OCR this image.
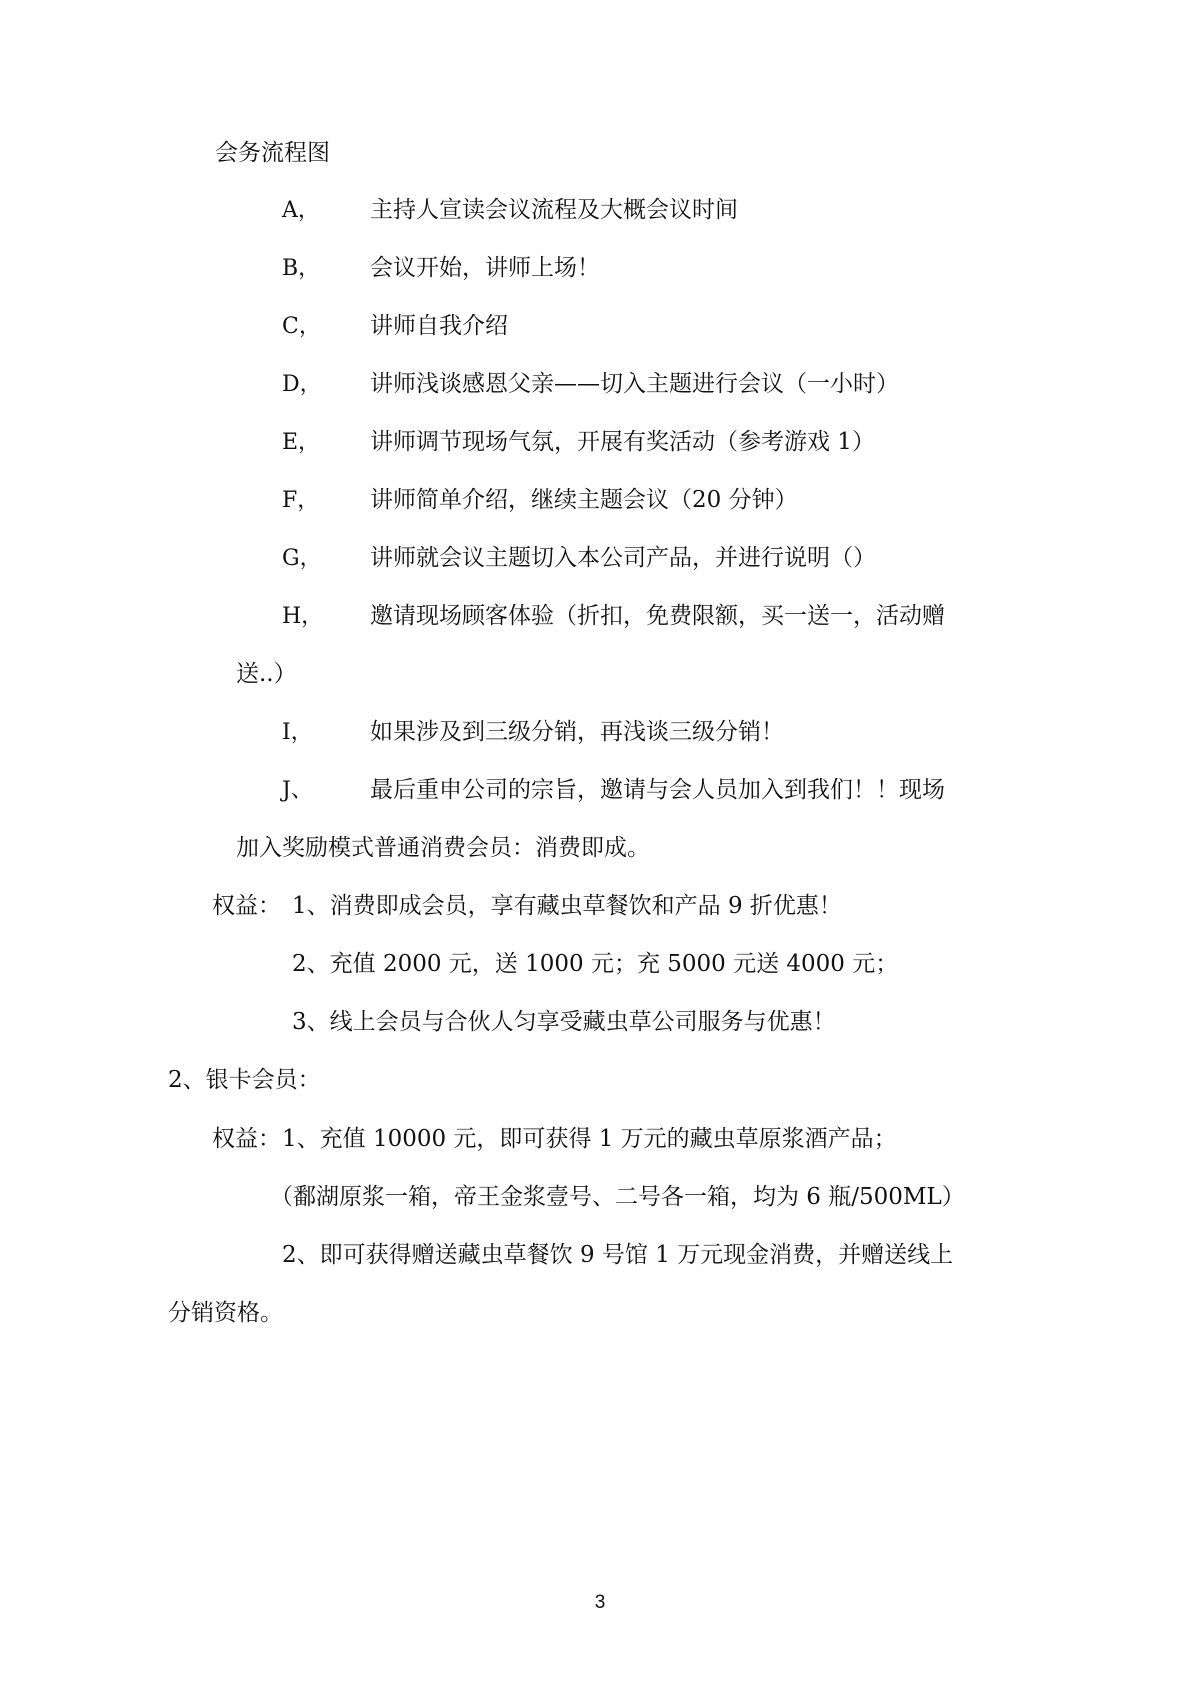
会务流程图
A， 主持人宣读会议流程及大概会议时间
B， 会议开始，讲师上场！
C， 讲师自我介绍
D， 讲师浅谈感恩父亲——切入主题进行会议（一小时）
E， 讲师调节现场气氛，开展有奖活动（参考游戏 1）
F， 讲师简单介绍，继续主题会议（20 分钟）
G， 讲师就会议主题切入本公司产品，并进行说明（）
H， 邀请现场顾客体验（折扣，免费限额，买一送一，活动赠
送..）
I， 如果涉及到三级分销，再浅谈三级分销！
J、 最后重申公司的宗旨，邀请与会人员加入到我们！！现场
加入奖励模式普通消费会员：消费即成。
权益： 1、消费即成会员，享有藏虫草餐饮和产品 9 折优惠！
2、充值 2000 元，送 1000 元；充 5000 元送 4000 元；
3、线上会员与合伙人匀享受藏虫草公司服务与优惠！
2、银卡会员：
权益： 1、充值 10000 元，即可获得 1 万元的藏虫草原浆酒产品；
（鄱湖原浆一箱，帝王金浆壹号、二号各一箱，均为 6 瓶/500ML）
2、即可获得赠送藏虫草餐饮 9 号馆 1 万元现金消费，并赠送线上
分销资格。
3
